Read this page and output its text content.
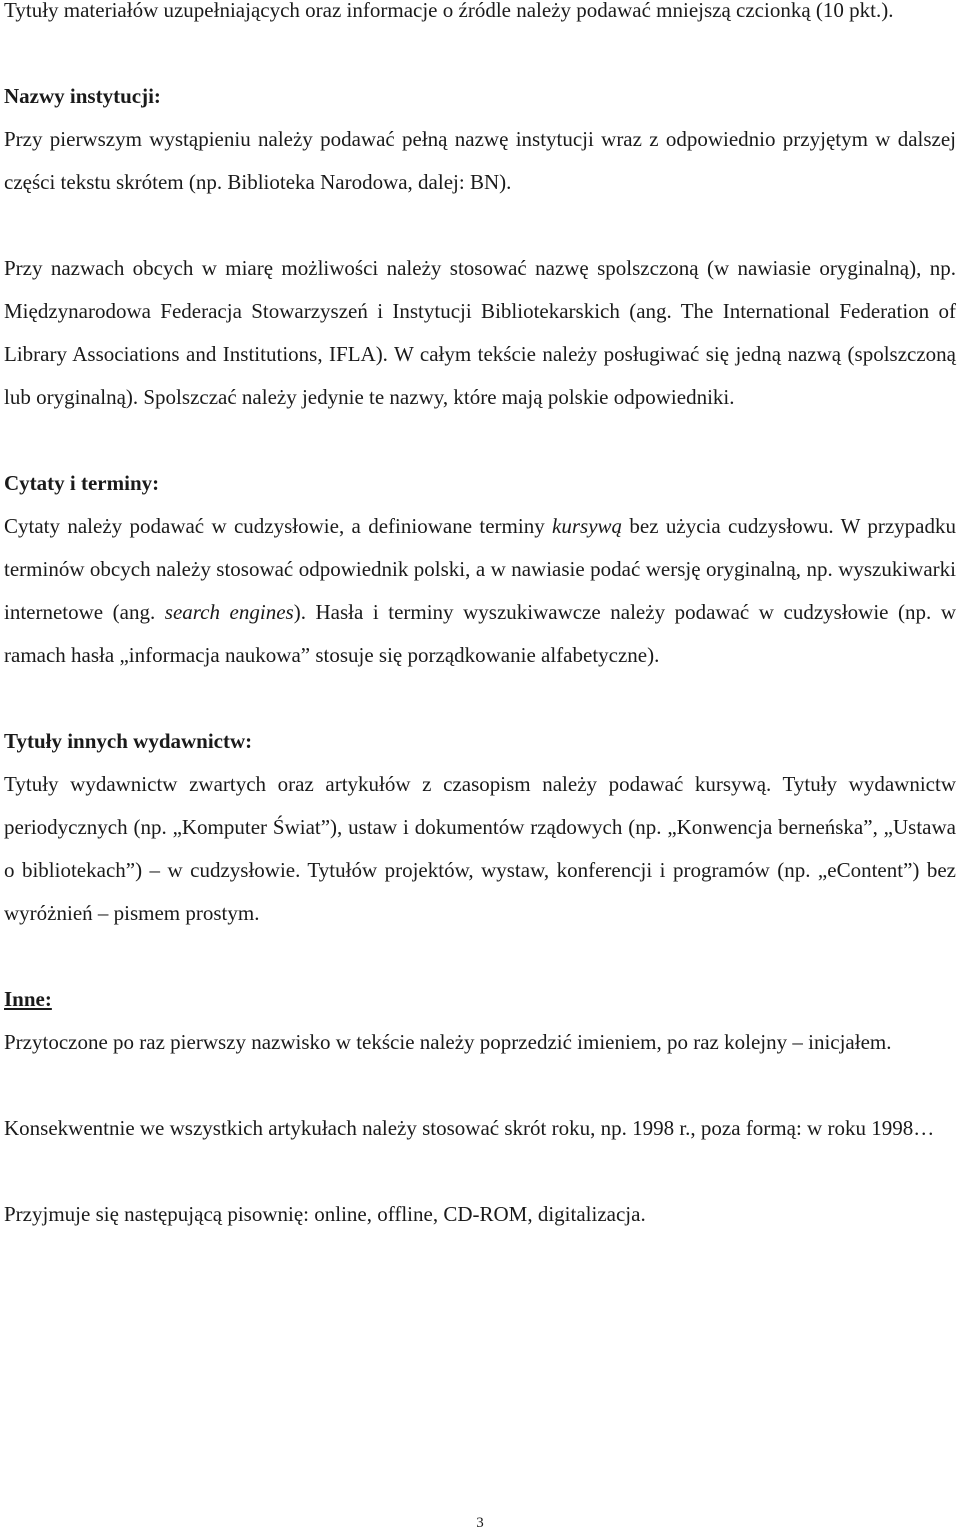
Tytuły materiałów uzupełniających oraz informacje o źródle należy podawać mniejszą czcionką (10 pkt.).

Nazwy instytucji:

Przy pierwszym wystąpieniu należy podawać pełną nazwę instytucji wraz z odpowiednio przyjętym w dalszej części tekstu skrótem (np. Biblioteka Narodowa, dalej: BN).

Przy nazwach obcych w miarę możliwości należy stosować nazwę spolszczoną (w nawiasie oryginalną), np. Międzynarodowa Federacja Stowarzyszeń i Instytucji Bibliotekarskich (ang. The International Federation of Library Associations and Institutions, IFLA). W całym tekście należy posługiwać się jedną nazwą (spolszczoną lub oryginalną). Spolszczać należy jedynie te nazwy, które mają polskie odpowiedniki.

Cytaty i terminy:

Cytaty należy podawać w cudzysłowie, a definiowane terminy kursywą bez użycia cudzysłowu. W przypadku terminów obcych należy stosować odpowiednik polski, a w nawiasie podać wersję oryginalną, np. wyszukiwarki internetowe (ang. search engines). Hasła i terminy wyszukiwawcze należy podawać w cudzysłowie (np. w ramach hasła „informacja naukowa” stosuje się porządkowanie alfabetyczne).

Tytuły innych wydawnictw:

Tytuły wydawnictw zwartych oraz artykułów z czasopism należy podawać kursywą. Tytuły wydawnictw periodycznych (np. „Komputer Świat”), ustaw i dokumentów rządowych (np. „Konwencja berneńska”, „Ustawa o bibliotekach”) – w cudzysłowie. Tytułów projektów, wystaw, konferencji i programów (np. „eContent”) bez wyróżnień – pismem prostym.

Inne:

Przytoczone po raz pierwszy nazwisko w tekście należy poprzedzić imieniem, po raz kolejny – inicjałem.

Konsekwentnie we wszystkich artykułach należy stosować skrót roku, np. 1998 r., poza formą: w roku 1998…

Przyjmuje się następującą pisownię: online, offline, CD-ROM, digitalizacja.

3
